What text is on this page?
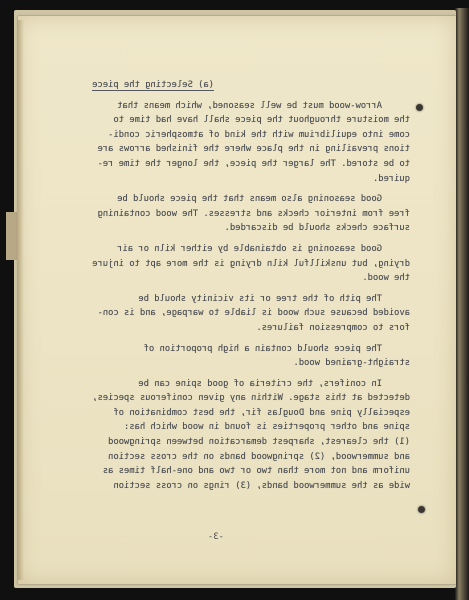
(a) Selecting the piece
Arrow-wood must be well seasoned, which means that
the moisture throughout the piece shall have had time to
come into equilibrium with the kind of atmospheric condi-
tions prevailing in the place where the finished arrows are
to be stored. The larger the piece, the longer the time re-
quired.
Good seasoning also means that the piece should be
free from interior checks and stresses. The wood containing
surface checks should be discarded.
Good seasoning is obtainable by either kiln or air
drying, but unskillful kiln drying is the more apt to injure
the wood.
The pith of the tree or its vicinity should be
avoided because such wood is liable to warpage, and is con-
fors to compression failures.
The piece should contain a high proportion of
straight-grained wood.
In conifers, the criteria of good spine can be
detected at this stage. Within any given coniferous species,
especially pine and Douglas fir, the best combination of
spine and other properties is found in wood which has:
(1) the clearest, sharpest demarcation between springwood
and summerwood, (2) springwood bands on the cross section
uniform and not more than two or two and one-half times as
wide as the summerwood bands, (3) rings on cross section
-3-
